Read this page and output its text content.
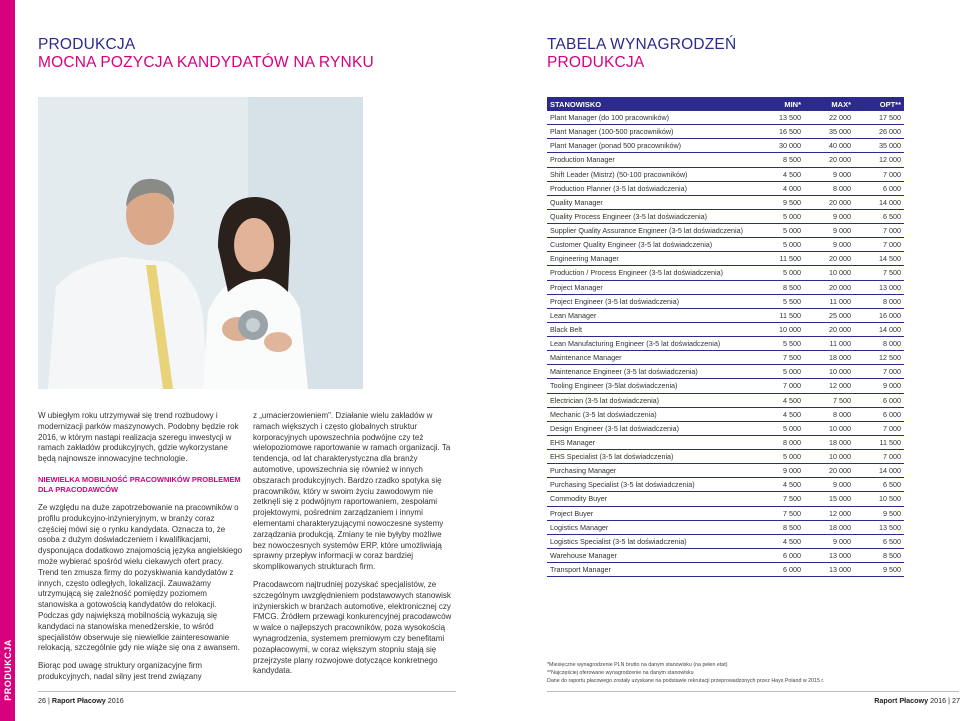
PRODUKCJA
PRODUKCJA
MOCNA POZYCJA KANDYDATÓW NA RYNKU
TABELA WYNAGRODZEŃ
PRODUKCJA

W ubiegłym roku utrzymywał się trend rozbudowy i modernizacji parków maszynowych. Podobny będzie rok 2016, w którym nastąpi realizacja szeregu inwestycji w ramach zakładów produkcyjnych, gdzie wykorzystane będą najnowsze innowacyjne technologie.

NIEWIELKA MOBILNOŚĆ PRACOWNIKÓW PROBLEMEM DLA PRACODAWCÓW

Ze względu na duże zapotrzebowanie na pracowników o profilu produkcyjno-inżynieryjnym, w branży coraz częściej mówi się o rynku kandydata. Oznacza to, że osoba z dużym doświadczeniem i kwalifikacjami, dysponująca dodatkowo znajomością języka angielskiego może wybierać spośród wielu ciekawych ofert pracy. Trend ten zmusza firmy do pozyskiwania kandydatów z innych, często odległych, lokalizacji. Zauważamy utrzymującą się zależność pomiędzy poziomem stanowiska a gotowością kandydatów do relokacji. Podczas gdy największą mobilnością wykazują się kandydaci na stanowiska menedżerskie, to wśród specjalistów obserwuje się niewielkie zainteresowanie relokacją, szczególnie gdy nie wiąże się ona z awansem.

Biorąc pod uwagę struktury organizacyjne firm produkcyjnych, nadal silny jest trend związany

z „umacierzowieniem". Działanie wielu zakładów w ramach większych i często globalnych struktur korporacyjnych upowszechnia podwójne czy też wielopoziomowe raportowanie w ramach organizacji. Ta tendencja, od lat charakterystyczna dla branży automotive, upowszechnia się również w innych obszarach produkcyjnych. Bardzo rzadko spotyka się pracowników, który w swoim życiu zawodowym nie zetknęli się z podwójnym raportowaniem, zespołami projektowymi, pośrednim zarządzaniem i innymi elementami charakteryzującymi nowoczesne systemy zarządzania produkcją. Zmiany te nie byłyby możliwe bez nowoczesnych systemów ERP, które umożliwiają sprawny przepływ informacji w coraz bardziej skomplikowanych strukturach firm.

Pracodawcom najtrudniej pozyskać specjalistów, ze szczególnym uwzględnieniem podstawowych stanowisk inżynierskich w branżach automotive, elektronicznej czy FMCG. Źródłem przewagi konkurencyjnej pracodawców w walce o najlepszych pracowników, poza wysokością wynagrodzenia, systemem premiowym czy benefitami pozapłacowymi, w coraz większym stopniu stają się przejrzyste plany rozwojowe dotyczące konkretnego kandydata.

STANOWISKO	MIN*	MAX*	OPT**
Plant Manager (do 100 pracowników)	13 500	22 000	17 500
Plant Manager (100-500 pracowników)	16 500	35 000	26 000
Plant Manager (ponad 500 pracowników)	30 000	40 000	35 000
Production Manager	8 500	20 000	12 000
Shift Leader (Mistrz) (50-100 pracowników)	4 500	9 000	7 000
Production Planner (3-5 lat doświadczenia)	4 000	8 000	6 000
Quality Manager	9 500	20 000	14 000
Quality Process Engineer (3-5 lat doświadczenia)	5 000	9 000	6 500
Supplier Quality Assurance Engineer (3-5 lat doświadczenia)	5 000	9 000	7 000
Customer Quality Engineer (3-5 lat doświadczenia)	5 000	9 000	7 000
Engineering Manager	11 500	20 000	14 500
Production / Process Engineer (3-5 lat doświadczenia)	5 000	10 000	7 500
Project Manager	8 500	20 000	13 000
Project Engineer (3-5 lat doświadczenia)	5 500	11 000	8 000
Lean Manager	11 500	25 000	16 000
Black Belt	10 000	20 000	14 000
Lean Manufacturing Engineer (3-5 lat doświadczenia)	5 500	11 000	8 000
Maintenance Manager	7 500	18 000	12 500
Maintenance Engineer (3-5 lat doświadczenia)	5 000	10 000	7 000
Tooling Engineer (3-5lat doświadczenia)	7 000	12 000	9 000
Electrician (3-5 lat doświadczenia)	4 500	7 500	6 000
Mechanic (3-5 lat doświadczenia)	4 500	8 000	6 000
Design Engineer (3-5 lat doświadczenia)	5 000	10 000	7 000
EHS Manager	8 000	18 000	11 500
EHS Specialist (3-5 lat doświadczenia)	5 000	10 000	7 000
Purchasing Manager	9 000	20 000	14 000
Purchasing Specialist (3-5 lat doświadczenia)	4 500	9 000	6 500
Commodity Buyer	7 500	15 000	10 500
Project Buyer	7 500	12 000	9 500
Logistics Manager	8 500	18 000	13 500
Logistics Specialist (3-5 lat doświadczenia)	4 500	9 000	6 500
Warehouse Manager	6 000	13 000	8 500
Transport Manager	6 000	13 000	9 500
*Miesięczne wynagrodzenie PLN brutto na danym stanowisku (na pełen etat)
**Najczęściej oferowane wynagrodzenie na danym stanowisku
Dane do raportu płacowego zostały uzyskane na podstawie rekrutacji przeprowadzonych przez Hays Poland w 2015 r.
26 | Raport Płacowy 2016	Raport Płacowy 2016 | 27
